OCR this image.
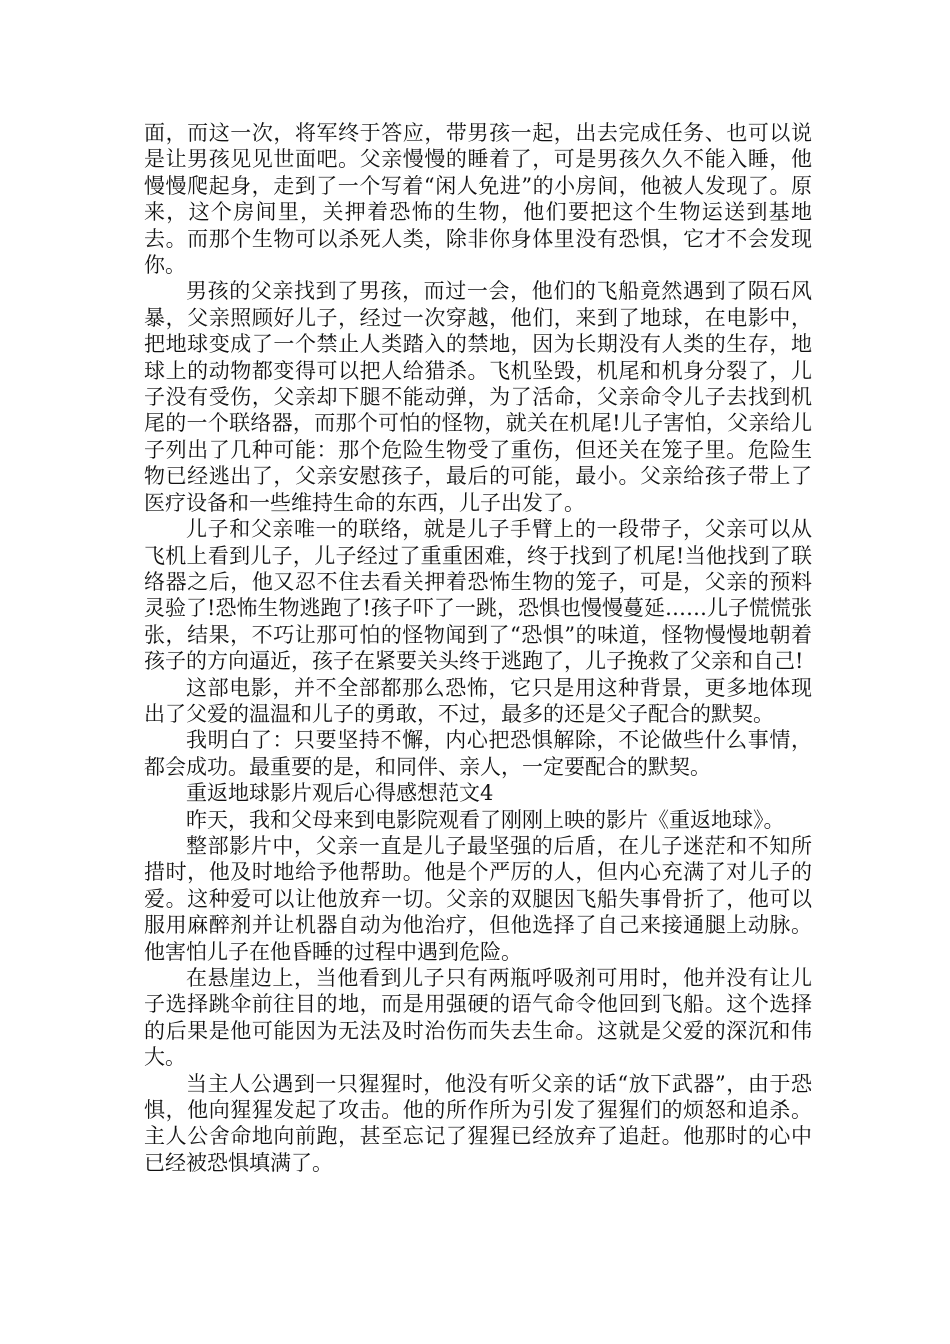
面，而这一次，将军终于答应，带男孩一起，出去完成任务、也可以说是让男孩见见世面吧。父亲慢慢的睡着了，可是男孩久久不能入睡，他慢慢爬起身，走到了一个写着“闲人免进”的小房间，他被人发现了。原来，这个房间里，关押着恐怖的生物，他们要把这个生物运送到基地去。而那个生物可以杀死人类，除非你身体里没有恐惧，它才不会发现你。

男孩的父亲找到了男孩，而过一会，他们的飞船竟然遇到了陨石风暴，父亲照顾好儿子，经过一次穿越，他们，来到了地球，在电影中，把地球变成了一个禁止人类踏入的禁地，因为长期没有人类的生存，地球上的动物都变得可以把人给猎杀。飞机坠毁，机尾和机身分裂了，儿子没有受伤，父亲却下腿不能动弹，为了活命，父亲命令儿子去找到机尾的一个联络器，而那个可怕的怪物，就关在机尾!儿子害怕，父亲给儿子列出了几种可能：那个危险生物受了重伤，但还关在笼子里。危险生物已经逃出了，父亲安慰孩子，最后的可能，最小。父亲给孩子带上了医疗设备和一些维持生命的东西，儿子出发了。

儿子和父亲唯一的联络，就是儿子手臂上的一段带子，父亲可以从飞机上看到儿子，儿子经过了重重困难，终于找到了机尾!当他找到了联络器之后，他又忍不住去看关押着恐怖生物的笼子，可是，父亲的预料灵验了!恐怖生物逃跑了!孩子吓了一跳，恐惧也慢慢蔓延……儿子慌慌张张，结果，不巧让那可怕的怪物闻到了“恐惧”的味道，怪物慢慢地朝着孩子的方向逼近，孩子在紧要关头终于逃跑了，儿子挽救了父亲和自己!

这部电影，并不全部都那么恐怖，它只是用这种背景，更多地体现出了父爱的温温和儿子的勇敢，不过，最多的还是父子配合的默契。

我明白了：只要坚持不懈，内心把恐惧解除，不论做些什么事情，都会成功。最重要的是，和同伴、亲人，一定要配合的默契。

重返地球影片观后心得感想范文4

昨天，我和父母来到电影院观看了刚刚上映的影片《重返地球》。

整部影片中，父亲一直是儿子最坚强的后盾，在儿子迷茫和不知所措时，他及时地给予他帮助。他是个严厉的人，但内心充满了对儿子的爱。这种爱可以让他放弃一切。父亲的双腿因飞船失事骨折了，他可以服用麻醉剂并让机器自动为他治疗，但他选择了自己来接通腿上动脉。他害怕儿子在他昏睡的过程中遇到危险。

在悬崖边上，当他看到儿子只有两瓶呼吸剂可用时，他并没有让儿子选择跳伞前往目的地，而是用强硬的语气命令他回到飞船。这个选择的后果是他可能因为无法及时治伤而失去生命。这就是父爱的深沉和伟大。

当主人公遇到一只猩猩时，他没有听父亲的话“放下武器”，由于恐惧，他向猩猩发起了攻击。他的所作所为引发了猩猩们的烦怒和追杀。主人公舍命地向前跑，甚至忘记了猩猩已经放弃了追赶。他那时的心中已经被恐惧填满了。
